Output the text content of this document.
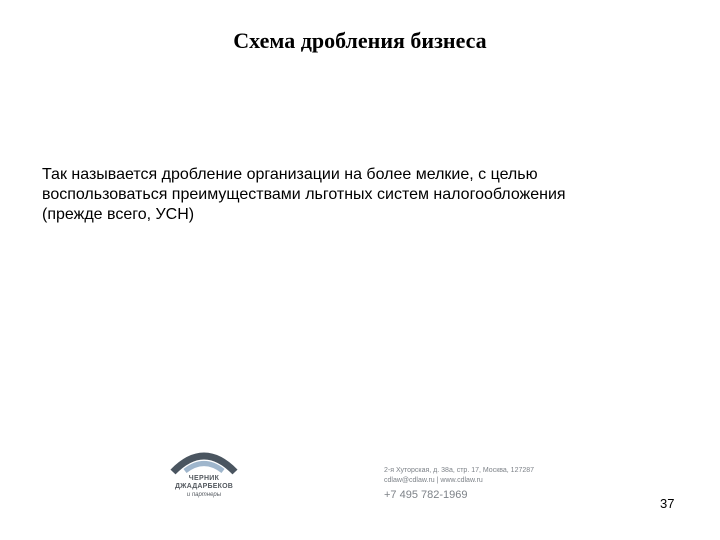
Схема дробления бизнеса
Так называется дробление организации на более мелкие, с целью
воспользоваться преимуществами льготных систем налогообложения
(прежде всего, УСН)
ЧЕРНИК
ДЖАДАРБЕКОВ
и партнеры
2-я Хуторская, д. 38а, стр. 17, Москва, 127287
cdlaw@cdlaw.ru | www.cdlaw.ru
+7 495 782-1969
37
